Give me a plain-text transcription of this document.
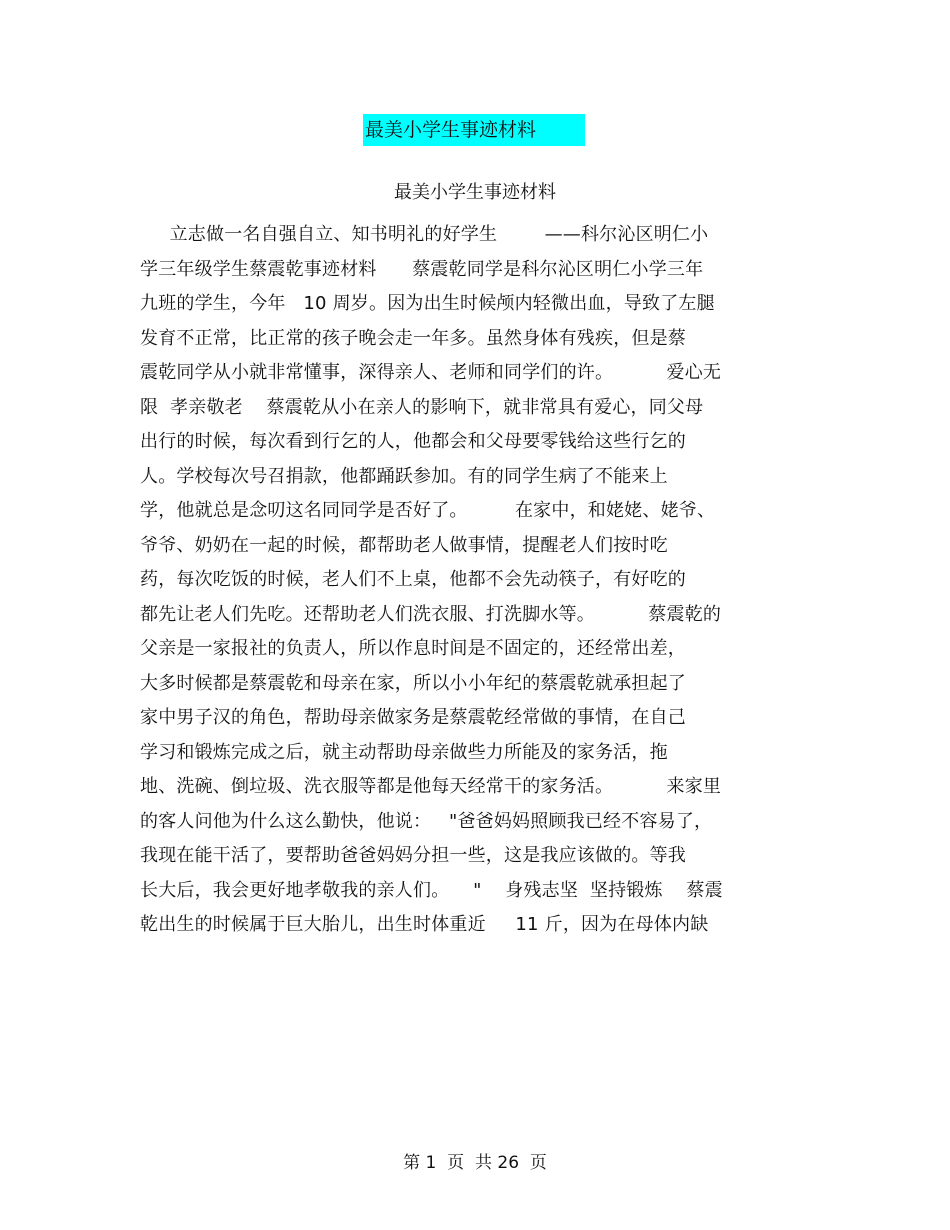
最美小学生事迹材料
最美小学生事迹材料
立志做一名自强自立、知书明礼的好学生        ——科尔沁区明仁小
学三年级学生蔡震乾事迹材料      蔡震乾同学是科尔沁区明仁小学三年
九班的学生，今年   10 周岁。因为出生时候颅内轻微出血，导致了左腿
发育不正常，比正常的孩子晚会走一年多。虽然身体有残疾，但是蔡
震乾同学从小就非常懂事，深得亲人、老师和同学们的许。         爱心无
限  孝亲敬老    蔡震乾从小在亲人的影响下，就非常具有爱心，同父母
出行的时候，每次看到行乞的人，他都会和父母要零钱给这些行乞的
人。学校每次号召捐款，他都踊跃参加。有的同学生病了不能来上
学，他就总是念叨这名同同学是否好了。        在家中，和姥姥、姥爷、
爷爷、奶奶在一起的时候，都帮助老人做事情，提醒老人们按时吃
药，每次吃饭的时候，老人们不上桌，他都不会先动筷子，有好吃的
都先让老人们先吃。还帮助老人们洗衣服、打洗脚水等。         蔡震乾的
父亲是一家报社的负责人，所以作息时间是不固定的，还经常出差，
大多时候都是蔡震乾和母亲在家，所以小小年纪的蔡震乾就承担起了
家中男子汉的角色，帮助母亲做家务是蔡震乾经常做的事情，在自己
学习和锻炼完成之后，就主动帮助母亲做些力所能及的家务活，拖
地、洗碗、倒垃圾、洗衣服等都是他每天经常干的家务活。         来家里
的客人问他为什么这么勤快，他说：   "爸爸妈妈照顾我已经不容易了，
我现在能干活了，要帮助爸爸妈妈分担一些，这是我应该做的。等我
长大后，我会更好地孝敬我的亲人们。    "    身残志坚  坚持锻炼    蔡震
乾出生的时候属于巨大胎儿，出生时体重近     11 斤，因为在母体内缺
第 1  页  共 26  页
